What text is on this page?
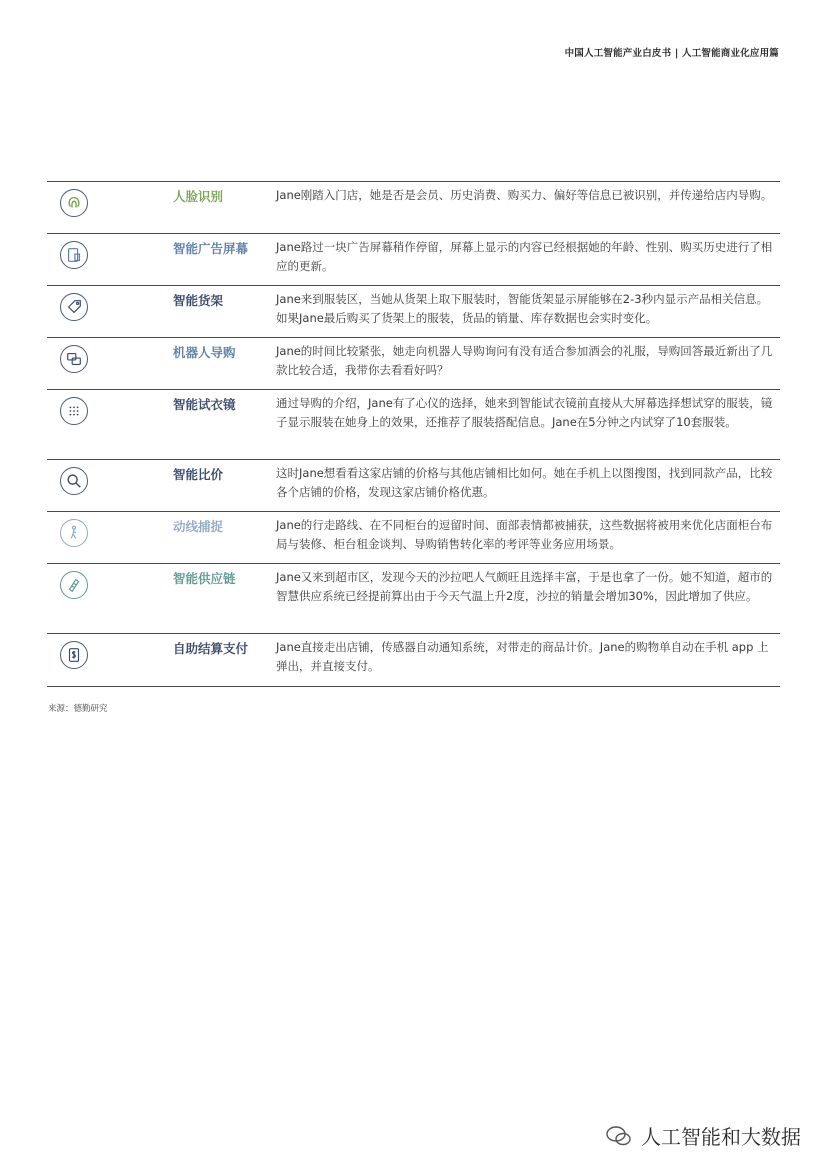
中国人工智能产业白皮书 | 人工智能商业化应用篇
人脸识别	Jane刚踏入门店，她是否是会员、历史消费、购买力、偏好等信息已被识别，并传递给店内导购。
智能广告屏幕 Jane路过一块广告屏幕稍作停留，屏幕上显示的内容已经根据她的年龄、性别、购买历史进行了相应的更新。
智能货架	Jane来到服装区，当她从货架上取下服装时，智能货架显示屏能够在2-3秒内显示产品相关信息。如果Jane最后购买了货架上的服装，货品的销量、库存数据也会实时变化。
机器人导购	Jane的时间比较紧张，她走向机器人导购询问有没有适合参加酒会的礼服，导购回答最近新出了几款比较合适，我带你去看看好吗？
智能试衣镜	通过导购的介绍，Jane有了心仪的选择，她来到智能试衣镜前直接从大屏幕选择想试穿的服装，镜子显示服装在她身上的效果，还推荐了服装搭配信息。Jane在5分钟之内试穿了10套服装。
智能比价	这时Jane想看看这家店铺的价格与其他店铺相比如何。她在手机上以图搜图，找到同款产品，比较各个店铺的价格，发现这家店铺价格优惠。
动线捕捉	Jane的行走路线、在不同柜台的逗留时间、面部表情都被捕获，这些数据将被用来优化店面柜台布局与装修、柜台租金谈判、导购销售转化率的考评等业务应用场景。
智能供应链	Jane又来到超市区，发现今天的沙拉吧人气颇旺且选择丰富，于是也拿了一份。她不知道，超市的智慧供应系统已经提前算出由于今天气温上升2度，沙拉的销量会增加30%，因此增加了供应。
自助结算支付 Jane直接走出店铺，传感器自动通知系统，对带走的商品计价。Jane的购物单自动在手机 app 上弹出，并直接支付。
来源：德勤研究
人工智能和大数据
